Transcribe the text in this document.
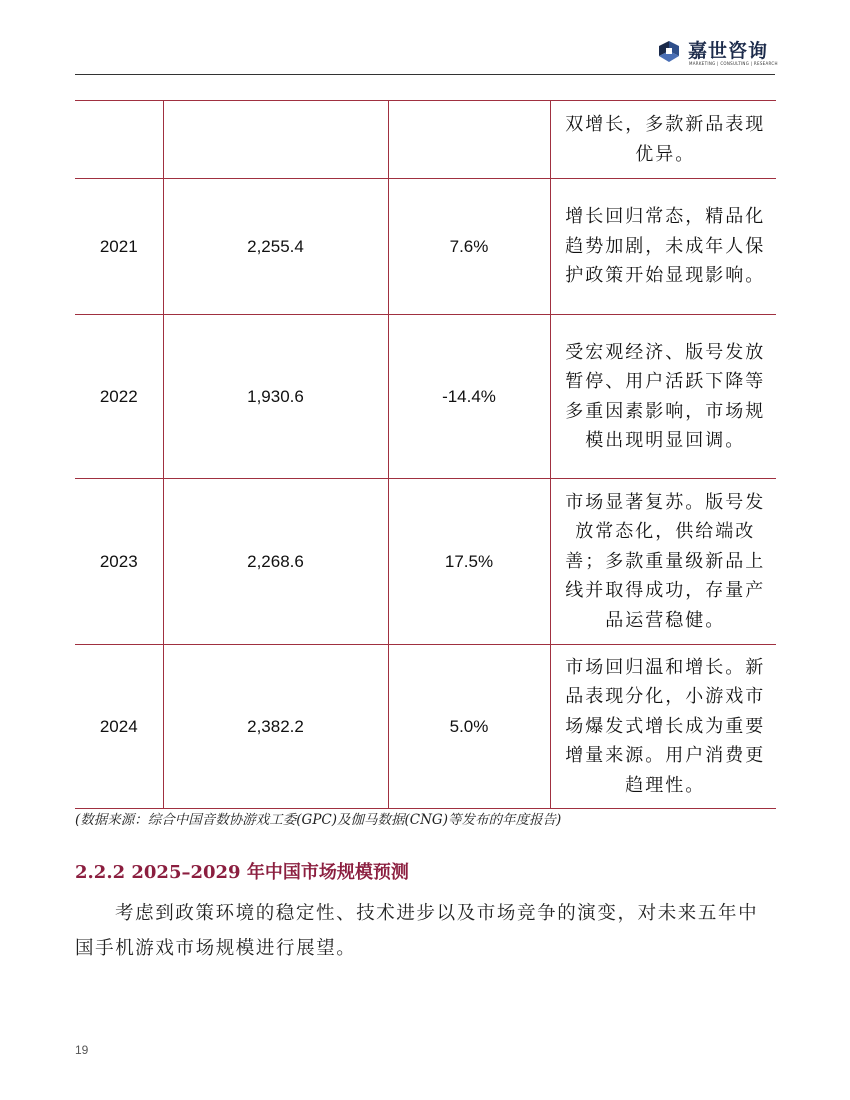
嘉世咨询
MARKETING | CONSULTING | RESEARCH
			双增长，多款新品表现优异。
2021	2,255.4	7.6%	增长回归常态，精品化趋势加剧，未成年人保护政策开始显现影响。
2022	1,930.6	-14.4%	受宏观经济、版号发放暂停、用户活跃下降等多重因素影响，市场规模出现明显回调。
2023	2,268.6	17.5%	市场显著复苏。版号发放常态化，供给端改善；多款重量级新品上线并取得成功，存量产品运营稳健。
2024	2,382.2	5.0%	市场回归温和增长。新品表现分化，小游戏市场爆发式增长成为重要增量来源。用户消费更趋理性。
(数据来源：综合中国音数协游戏工委(GPC)及伽马数据(CNG)等发布的年度报告)
2.2.2 2025–2029 年中国市场规模预测
考虑到政策环境的稳定性、技术进步以及市场竞争的演变，对未来五年中国手机游戏市场规模进行展望。
19
